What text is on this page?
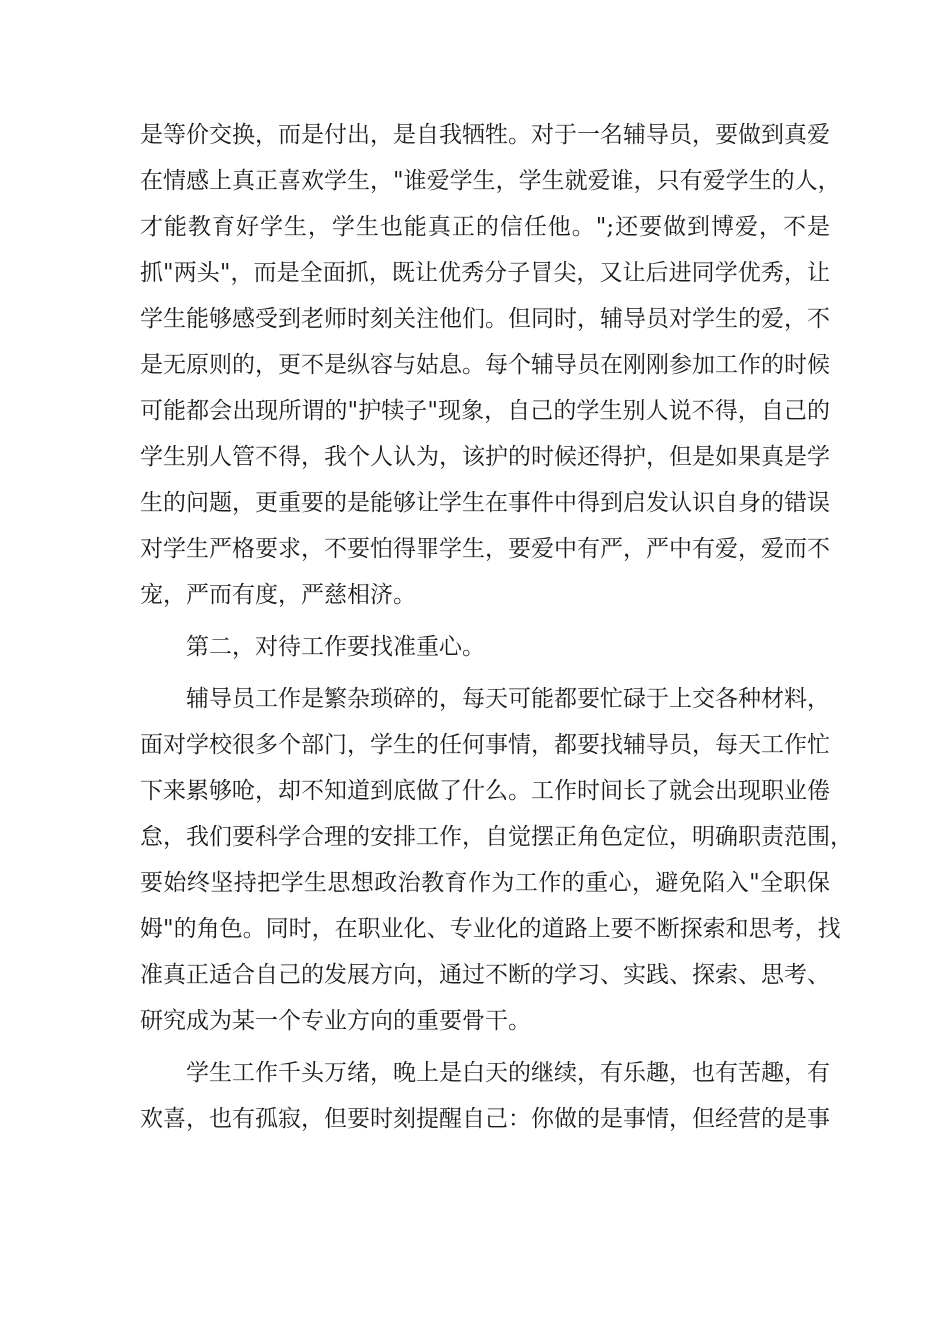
是等价交换，而是付出，是自我牺牲。对于一名辅导员，要做到真爱
在情感上真正喜欢学生，"谁爱学生，学生就爱谁，只有爱学生的人，
才能教育好学生，学生也能真正的信任他。";还要做到博爱，不是
抓"两头"，而是全面抓，既让优秀分子冒尖，又让后进同学优秀，让
学生能够感受到老师时刻关注他们。但同时，辅导员对学生的爱，不
是无原则的，更不是纵容与姑息。每个辅导员在刚刚参加工作的时候
可能都会出现所谓的"护犊子"现象，自己的学生别人说不得，自己的
学生别人管不得，我个人认为，该护的时候还得护，但是如果真是学
生的问题，更重要的是能够让学生在事件中得到启发认识自身的错误
对学生严格要求，不要怕得罪学生，要爱中有严，严中有爱，爱而不
宠，严而有度，严慈相济。
第二，对待工作要找准重心。
辅导员工作是繁杂琐碎的，每天可能都要忙碌于上交各种材料，
面对学校很多个部门，学生的任何事情，都要找辅导员，每天工作忙
下来累够呛，却不知道到底做了什么。工作时间长了就会出现职业倦
怠，我们要科学合理的安排工作，自觉摆正角色定位，明确职责范围，
要始终坚持把学生思想政治教育作为工作的重心，避免陷入"全职保
姆"的角色。同时，在职业化、专业化的道路上要不断探索和思考，找
准真正适合自己的发展方向，通过不断的学习、实践、探索、思考、
研究成为某一个专业方向的重要骨干。
学生工作千头万绪，晚上是白天的继续，有乐趣，也有苦趣，有
欢喜，也有孤寂，但要时刻提醒自己：你做的是事情，但经营的是事
